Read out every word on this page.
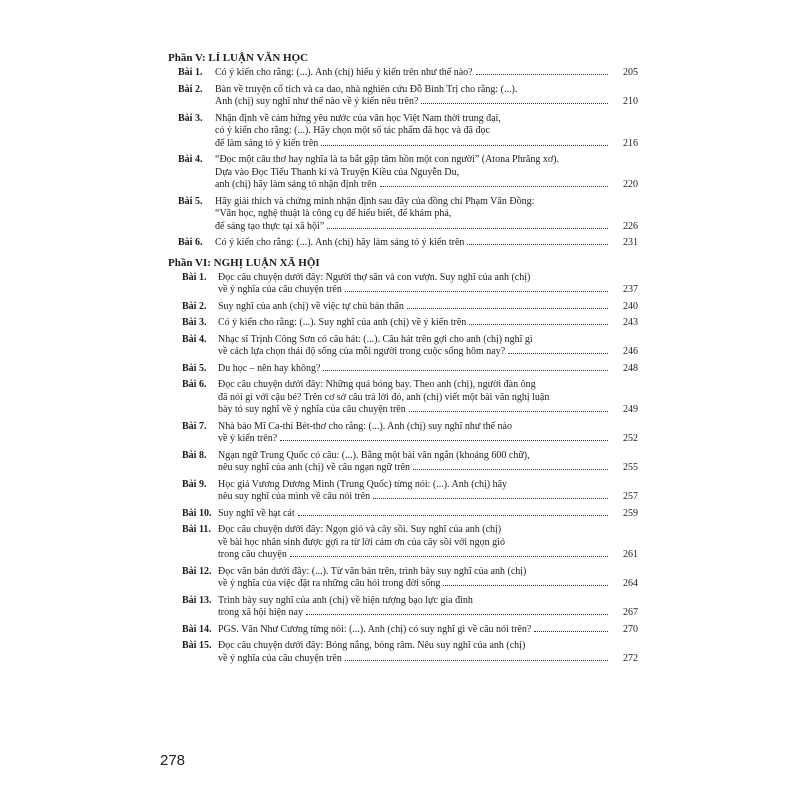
Phần V: LÍ LUẬN VĂN HỌC
Bài 1. Có ý kiến cho rằng: (...). Anh (chị) hiểu ý kiến trên như thế nào?	205
Bài 2. Bàn về truyện cổ tích và ca dao, nhà nghiên cứu Đỗ Bình Trị cho rằng: (...).
Anh (chị) suy nghĩ như thế nào về ý kiến nêu trên?	210
Bài 3. Nhận định về cảm hứng yêu nước của văn học Việt Nam thời trung đại,
có ý kiến cho rằng: (...). Hãy chọn một số tác phẩm đã học và đã đọc
để làm sáng tỏ ý kiến trên	216
Bài 4. “Đọc một câu thơ hay nghĩa là ta bắt gặp tâm hồn một con người” (Atona Phrăng xơ).
Dựa vào Đọc Tiểu Thanh kí và Truyện Kiều của Nguyễn Du,
anh (chị) hãy làm sáng tỏ nhận định trên	220
Bài 5. Hãy giải thích và chứng minh nhận định sau đây của đồng chí Phạm Văn Đồng:
“Văn học, nghệ thuật là công cụ để hiểu biết, để khám phá,
để sáng tạo thực tại xã hội”	226
Bài 6. Có ý kiến cho rằng: (...). Anh (chị) hãy làm sáng tỏ ý kiến trên	231
Phần VI: NGHỊ LUẬN XÃ HỘI
Bài 1. Đọc câu chuyện dưới đây: Người thợ săn và con vượn. Suy nghĩ của anh (chị)
về ý nghĩa của câu chuyện trên	237
Bài 2. Suy nghĩ của anh (chị) về việc tự chủ bản thân	240
Bài 3. Có ý kiến cho rằng: (...). Suy nghĩ của anh (chị) về ý kiến trên	243
Bài 4. Nhạc sĩ Trịnh Công Sơn có câu hát: (...). Câu hát trên gợi cho anh (chị) nghĩ gì
về cách lựa chọn thái độ sống của mỗi người trong cuộc sống hôm nay?	246
Bài 5. Du học – nên hay không?	248
Bài 6. Đọc câu chuyện dưới đây: Những quả bóng bay. Theo anh (chị), người đàn ông
đã nói gì với cậu bé? Trên cơ sở câu trả lời đó, anh (chị) viết một bài văn nghị luận
bày tỏ suy nghĩ về ý nghĩa của câu chuyện trên	249
Bài 7. Nhà báo Mĩ Ca-thi Bét-thơ cho rằng: (...). Anh (chị) suy nghĩ như thế nào
về ý kiến trên?	252
Bài 8. Ngạn ngữ Trung Quốc có câu: (...). Bằng một bài văn ngắn (khoảng 600 chữ),
nêu suy nghĩ của anh (chị) về câu ngạn ngữ trên	255
Bài 9. Học giả Vương Dương Minh (Trung Quốc) từng nói: (...). Anh (chị) hãy
nêu suy nghĩ của mình về câu nói trên	257
Bài 10. Suy nghĩ về hạt cát	259
Bài 11. Đọc câu chuyện dưới đây: Ngọn gió và cây sồi. Suy nghĩ của anh (chị)
về bài học nhân sinh được gợi ra từ lời cảm ơn của cây sồi với ngọn gió
trong câu chuyện	261
Bài 12. Đọc văn bản dưới đây: (...). Từ văn bản trên, trình bày suy nghĩ của anh (chị)
về ý nghĩa của việc đặt ra những câu hỏi trong đời sống	264
Bài 13. Trình bày suy nghĩ của anh (chị) về hiện tượng bạo lực gia đình
trong xã hội hiện nay	267
Bài 14. PGS. Văn Như Cương từng nói: (...). Anh (chị) có suy nghĩ gì về câu nói trên?	270
Bài 15. Đọc câu chuyện dưới đây: Bóng nắng, bóng râm. Nêu suy nghĩ của anh (chị)
về ý nghĩa của câu chuyện trên	272
278
